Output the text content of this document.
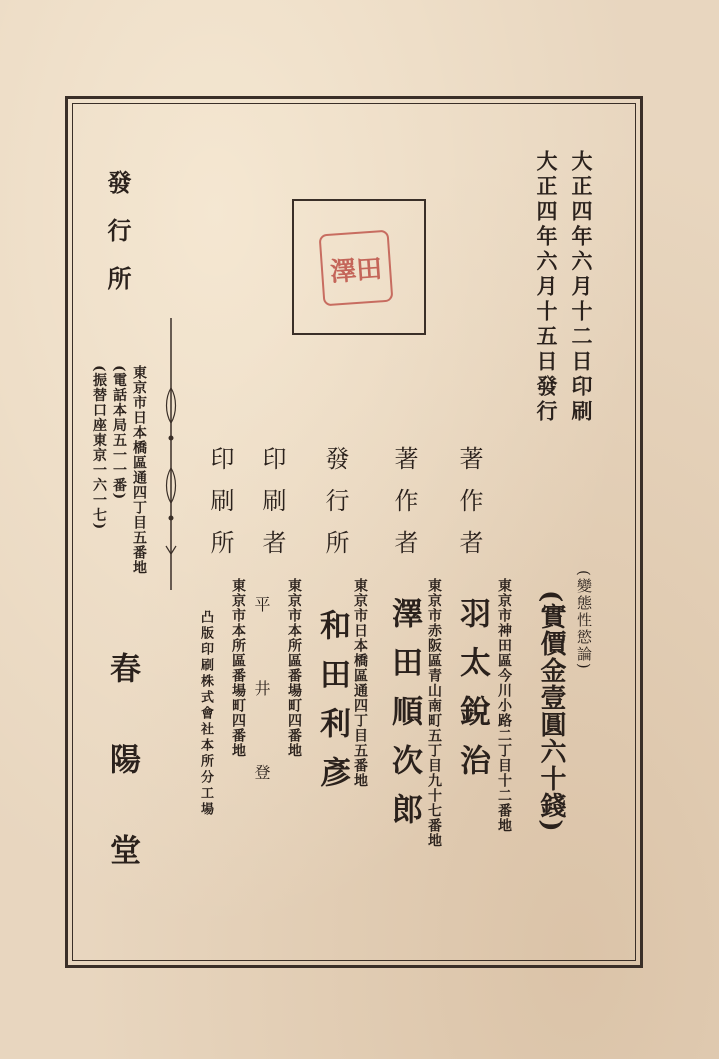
大正四年六月十二日印刷
大正四年六月十五日發行
(變態性慾論)
(實價金壹圓六十錢)
澤田
著作者
著作者
發行所
印刷者
印刷所
東京市神田區今川小路二丁目十二番地
東京市赤阪區青山南町五丁目九十七番地
東京市日本橋區通四丁目五番地
東京市本所區番場町四番地
東京市本所區番場町四番地	羽太銳治
澤田順次郎
和田利彥
平井登
凸版印刷株式會社本所分工場
發行所
東京市日本橋區通四丁目五番地
(電話本局五一一番)
(振替口座東京一六一七)
春陽堂
